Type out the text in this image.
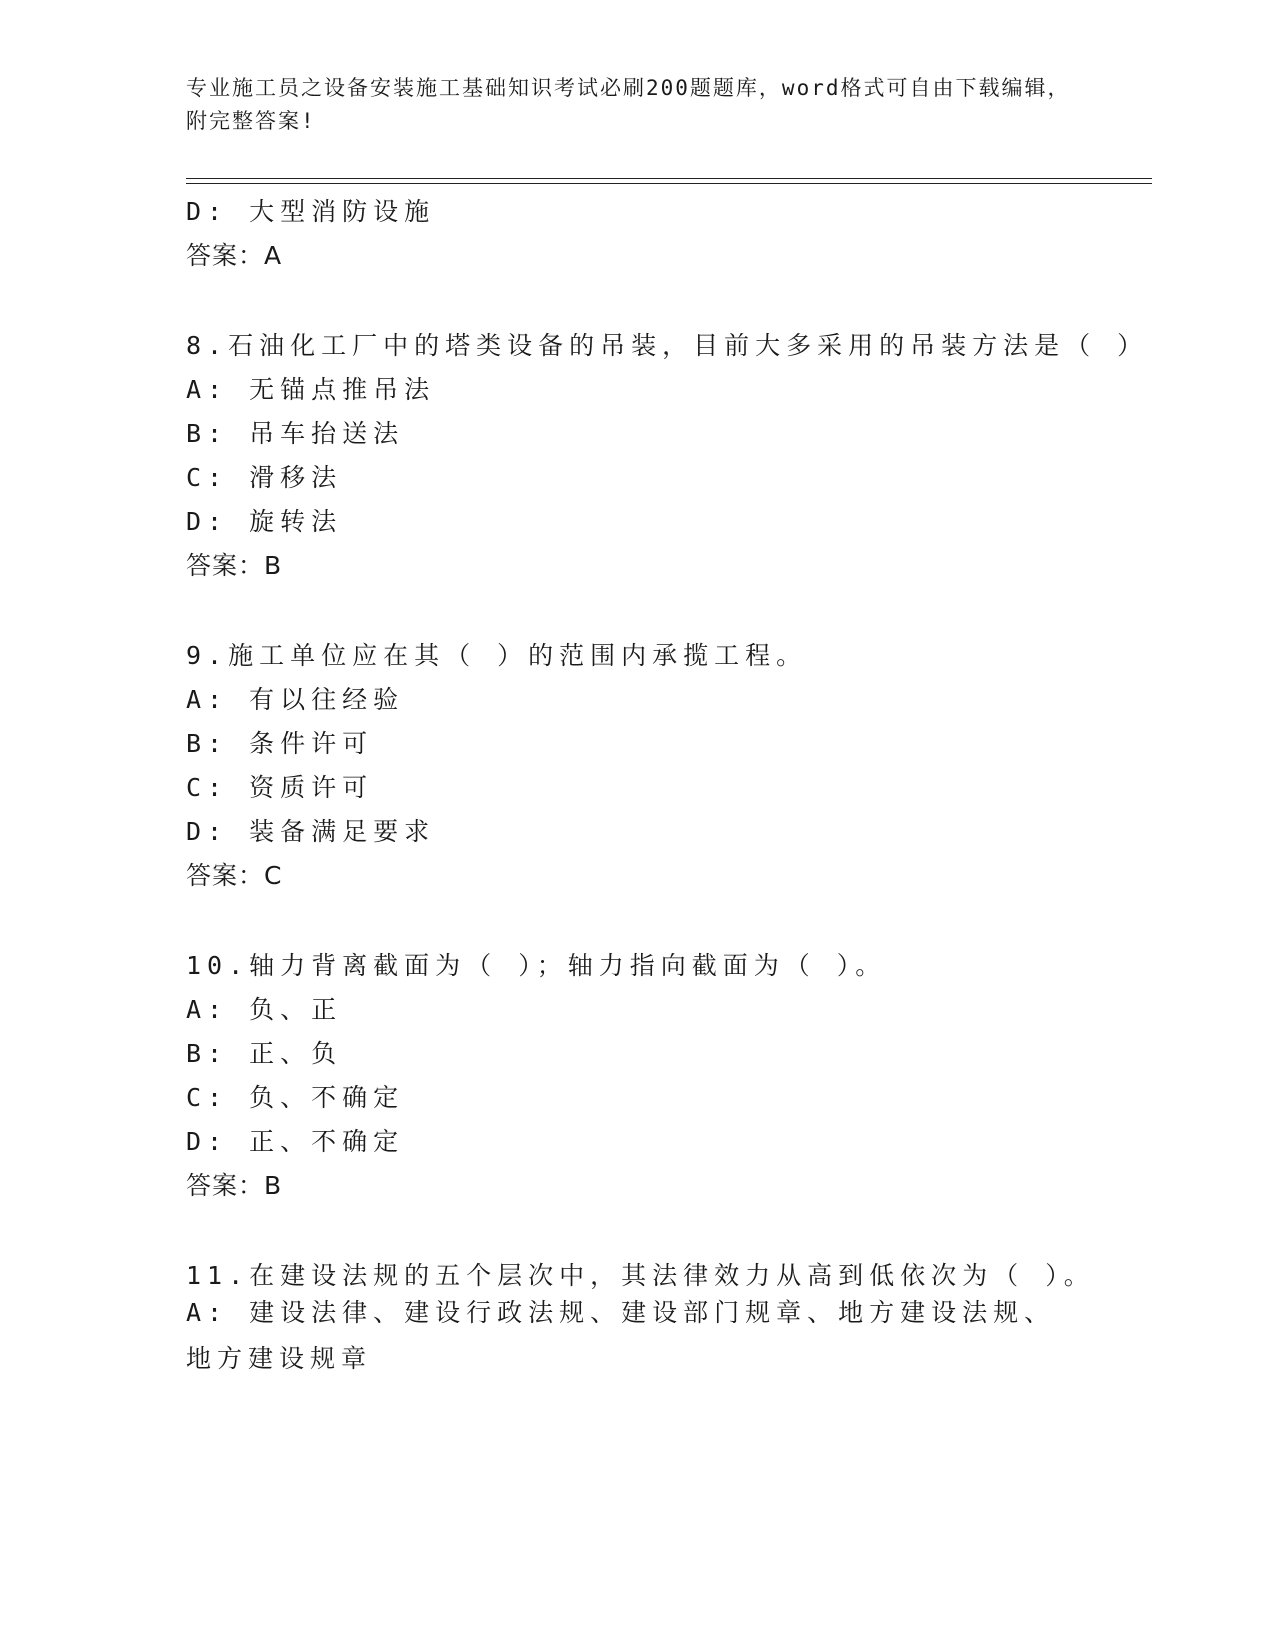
专业施工员之设备安装施工基础知识考试必刷200题题库，word格式可自由下载编辑，附完整答案!
D: 大型消防设施
答案：A
8.石油化工厂中的塔类设备的吊装，目前大多采用的吊装方法是（ ）
A: 无锚点推吊法
B: 吊车抬送法
C: 滑移法
D: 旋转法
答案：B
9.施工单位应在其（ ）的范围内承揽工程。
A: 有以往经验
B: 条件许可
C: 资质许可
D: 装备满足要求
答案：C
10.轴力背离截面为（ ）；轴力指向截面为（ ）。
A: 负、正
B: 正、负
C: 负、不确定
D: 正、不确定
答案：B
11.在建设法规的五个层次中，其法律效力从高到低依次为（ ）。
A: 建设法律、建设行政法规、建设部门规章、地方建设法规、地方建设规章
